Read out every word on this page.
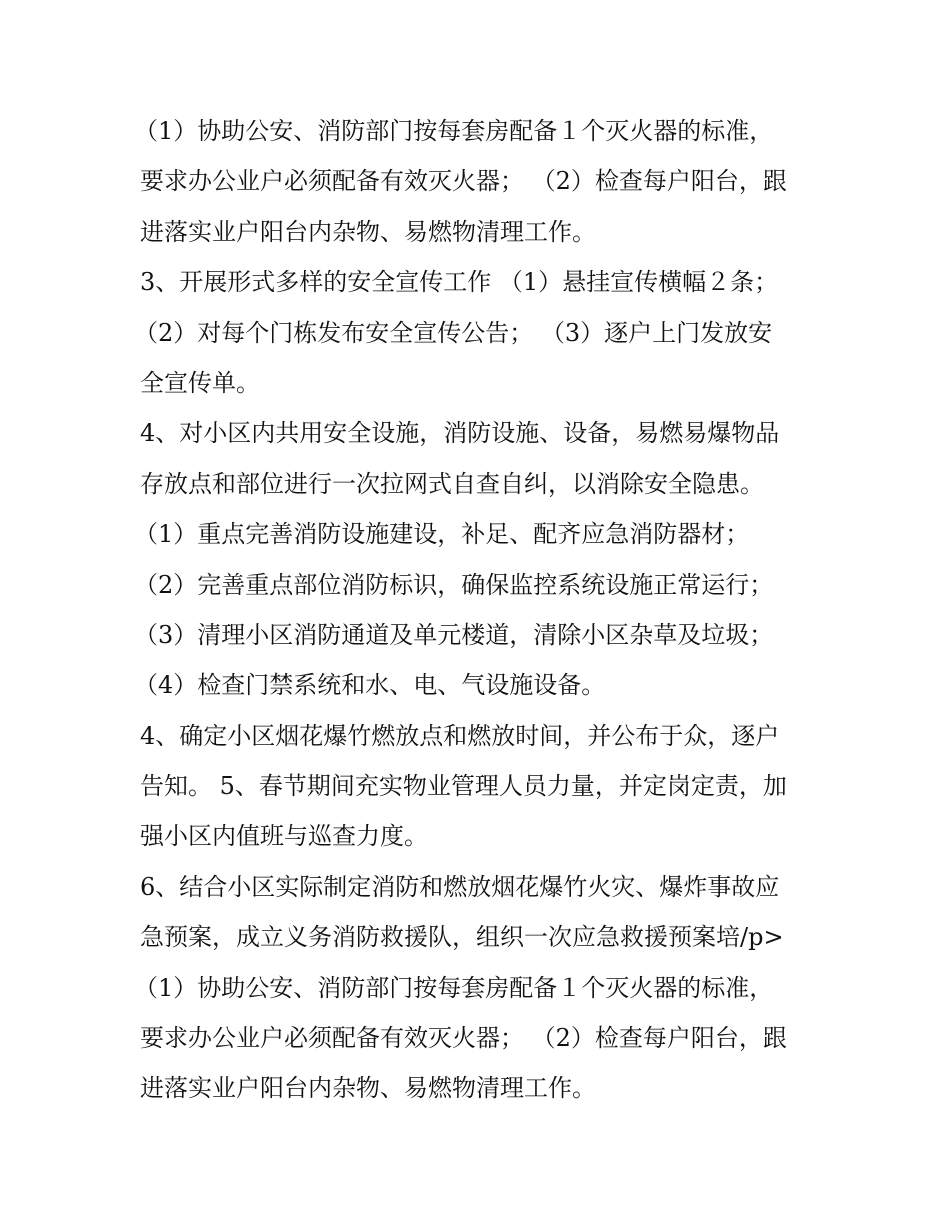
（1）协助公安、消防部门按每套房配备１个灭火器的标准，
要求办公业户必须配备有效灭火器； （2）检查每户阳台，跟
进落实业户阳台内杂物、易燃物清理工作。
3、开展形式多样的安全宣传工作 （1）悬挂宣传横幅２条；
（2）对每个门栋发布安全宣传公告； （3）逐户上门发放安
全宣传单。
4、对小区内共用安全设施，消防设施、设备，易燃易爆物品
存放点和部位进行一次拉网式自查自纠，以消除安全隐患。
（1）重点完善消防设施建设，补足、配齐应急消防器材；
（2）完善重点部位消防标识，确保监控系统设施正常运行；
（3）清理小区消防通道及单元楼道，清除小区杂草及垃圾；
（4）检查门禁系统和水、电、气设施设备。
4、确定小区烟花爆竹燃放点和燃放时间，并公布于众，逐户
告知。 5、春节期间充实物业管理人员力量，并定岗定责，加
强小区内值班与巡查力度。
6、结合小区实际制定消防和燃放烟花爆竹火灾、爆炸事故应
急预案，成立义务消防救援队，组织一次应急救援预案培/p>
（1）协助公安、消防部门按每套房配备１个灭火器的标准，
要求办公业户必须配备有效灭火器； （2）检查每户阳台，跟
进落实业户阳台内杂物、易燃物清理工作。
